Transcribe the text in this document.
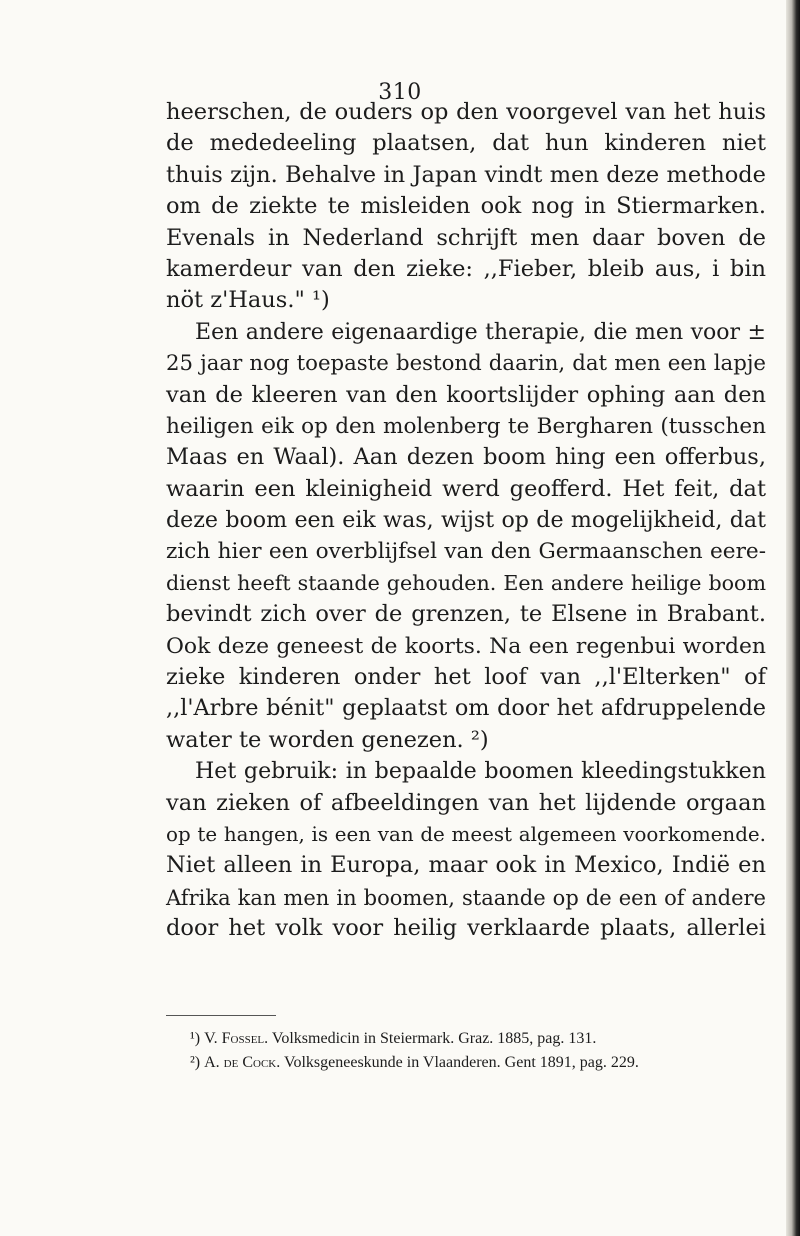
310
heerschen, de ouders op den voorgevel van het huis
de mededeeling plaatsen, dat hun kinderen niet
thuis zijn. Behalve in Japan vindt men deze methode
om de ziekte te misleiden ook nog in Stiermarken.
Evenals in Nederland schrijft men daar boven de
kamerdeur van den zieke: ,,Fieber, bleib aus, i bin
nöt z'Haus." ¹)
Een andere eigenaardige therapie, die men voor ±
25 jaar nog toepaste bestond daarin, dat men een lapje
van de kleeren van den koortslijder ophing aan den
heiligen eik op den molenberg te Bergharen (tusschen
Maas en Waal). Aan dezen boom hing een offerbus,
waarin een kleinigheid werd geofferd. Het feit, dat
deze boom een eik was, wijst op de mogelijkheid, dat
zich hier een overblijfsel van den Germaanschen eere-
dienst heeft staande gehouden. Een andere heilige boom
bevindt zich over de grenzen, te Elsene in Brabant.
Ook deze geneest de koorts. Na een regenbui worden
zieke kinderen onder het loof van ,,l'Elterken" of
,,l'Arbre bénit" geplaatst om door het afdruppelende
water te worden genezen. ²)
Het gebruik: in bepaalde boomen kleedingstukken
van zieken of afbeeldingen van het lijdende orgaan
op te hangen, is een van de meest algemeen voorkomende.
Niet alleen in Europa, maar ook in Mexico, Indië en
Afrika kan men in boomen, staande op de een of andere
door het volk voor heilig verklaarde plaats, allerlei
¹) V. Fossel. Volksmedicin in Steiermark. Graz. 1885, pag. 131.
²) A. de Cock. Volksgeneeskunde in Vlaanderen. Gent 1891, pag. 229.
